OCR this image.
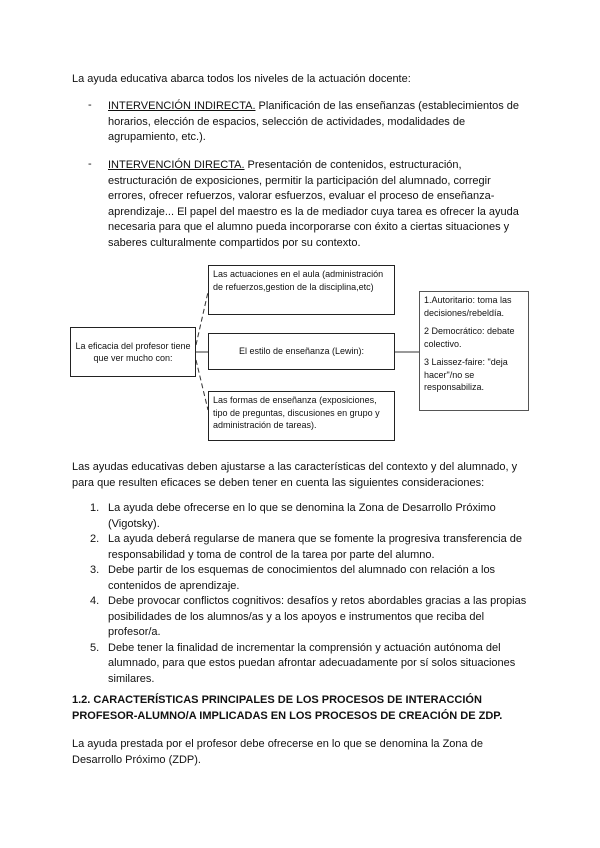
La ayuda educativa abarca todos los niveles de la actuación docente:
- INTERVENCIÓN INDIRECTA. Planificación de las enseñanzas (establecimientos de horarios, elección de espacios, selección de actividades, modalidades de agrupamiento, etc.).
- INTERVENCIÓN DIRECTA. Presentación de contenidos, estructuración, estructuración de exposiciones, permitir la participación del alumnado, corregir errores, ofrecer refuerzos, valorar esfuerzos, evaluar el proceso de enseñanza-aprendizaje... El papel del maestro es la de mediador cuya tarea es ofrecer la ayuda necesaria para que el alumno pueda incorporarse con éxito a ciertas situaciones y saberes culturalmente compartidos por su contexto.
La eficacia del profesor tiene que ver mucho con:
Las actuaciones en el aula (administración de refuerzos,gestion de la disciplina,etc)
El estilo de enseñanza (Lewin):
Las formas de enseñanza (exposiciones, tipo de preguntas, discusiones en grupo y administración de tareas).
1.Autoritario: toma las decisiones/rebeldía.
2 Democrático: debate colectivo.
3 Laissez-faire: "deja hacer"/no se responsabiliza.
Las ayudas educativas deben ajustarse a las características del contexto y del alumnado, y para que resulten eficaces se deben tener en cuenta las siguientes consideraciones:
1. La ayuda debe ofrecerse en lo que se denomina la Zona de Desarrollo Próximo (Vigotsky).
2. La ayuda deberá regularse de manera que se fomente la progresiva transferencia de responsabilidad y toma de control de la tarea por parte del alumno.
3. Debe partir de los esquemas de conocimientos del alumnado con relación a los contenidos de aprendizaje.
4. Debe provocar conflictos cognitivos: desafíos y retos abordables gracias a las propias posibilidades de los alumnos/as y a los apoyos e instrumentos que reciba del profesor/a.
5. Debe tener la finalidad de incrementar la comprensión y actuación autónoma del alumnado, para que estos puedan afrontar adecuadamente por sí solos situaciones similares.
1.2. CARACTERÍSTICAS PRINCIPALES DE LOS PROCESOS DE INTERACCIÓN PROFESOR-ALUMNO/A IMPLICADAS EN LOS PROCESOS DE CREACIÓN DE ZDP.
La ayuda prestada por el profesor debe ofrecerse en lo que se denomina la Zona de Desarrollo Próximo (ZDP).
